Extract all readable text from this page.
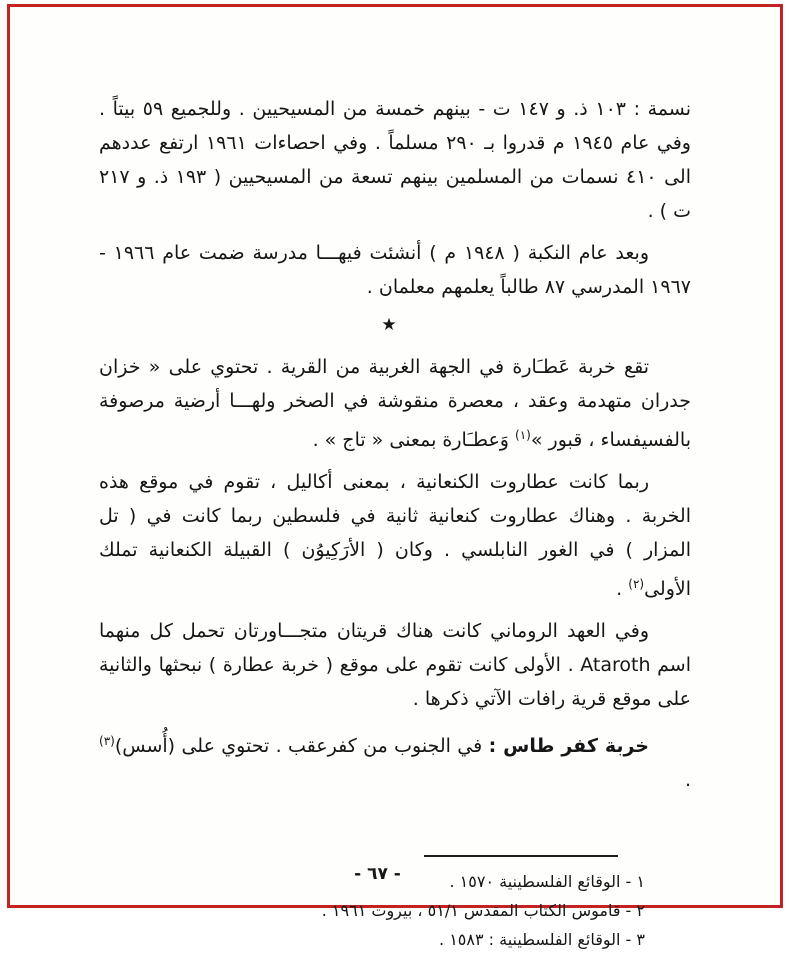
نسمة : ١٠٣ ذ. و ١٤٧ ت - بينهم خمسة من المسيحيين . وللجميع ٥٩ بيتاً . وفي عام ١٩٤٥ م قدروا بـ ٢٩٠ مسلماً . وفي احصاءات ١٩٦١ ارتفع عددهم الى ٤١٠ نسمات من المسلمين بينهم تسعة من المسيحيين ( ١٩٣ ذ. و ٢١٧ ت ) .

وبعد عام النكبة ( ١٩٤٨ م ) أنشئت فيهـــا مدرسة ضمت عام ١٩٦٦ - ١٩٦٧ المدرسي ٨٧ طالباً يعلمهم معلمان .

★

تقع خربة عَطـَارة في الجهة الغربية من القرية . تحتوي على « خزان جدران متهدمة وعقد ، معصرة منقوشة في الصخر ولهـــا أرضية مرصوفة بالفسيفساء ، قبور »$^{(١)}$ وَعطـَارة بمعنى « تاج » .

ربما كانت عطاروت الكنعانية ، بمعنى أكاليل ، تقوم في موقع هذه الخربة . وهناك عطاروت كنعانية ثانية في فلسطين ربما كانت في ( تل المزار ) في الغور النابلسي . وكان ( الأرَكِيوُن ) القبيلة الكنعانية تملك الأولى$^{(٢)}$ .

وفي العهد الروماني كانت هناك قريتان متجـــاورتان تحمل كل منهما اسم Ataroth . الأولى كانت تقوم على موقع ( خربة عطارة ) نبحثها والثانية على موقع قرية رافات الآتي ذكرها .

خربة كفر طاس : في الجنوب من كفرعقب . تحتوي على (أُسس)$^{(٣)}$ .

١ - الوقائع الفلسطينية ١٥٧٠ .
٢ - قاموس الكتاب المقدس ٥١/١ ، بيروت ١٩٦١ .
٣ - الوقائع الفلسطينية : ١٥٨٣ .
- ٦٧ -
